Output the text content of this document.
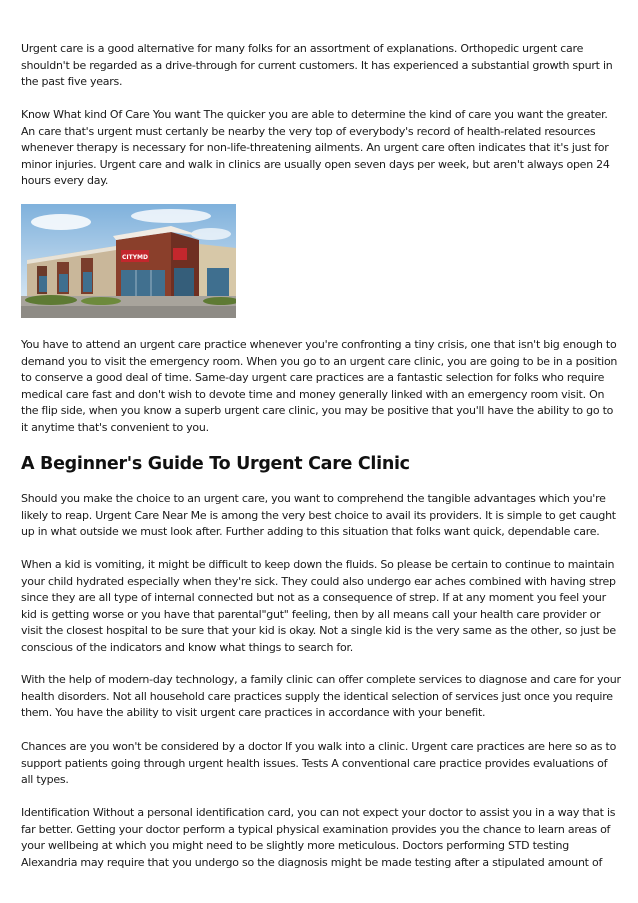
Urgent care is a good alternative for many folks for an assortment of explanations. Orthopedic urgent care shouldn't be regarded as a drive-through for current customers. It has experienced a substantial growth spurt in the past five years.

Know What kind Of Care You want The quicker you are able to determine the kind of care you want the greater. An care that's urgent must certanly be nearby the very top of everybody's record of health-related resources whenever therapy is necessary for non-life-threatening ailments. An urgent care often indicates that it's just for minor injuries. Urgent care and walk in clinics are usually open seven days per week, but aren't always open 24 hours every day.

CITYMD

You have to attend an urgent care practice whenever you're confronting a tiny crisis, one that isn't big enough to demand you to visit the emergency room. When you go to an urgent care clinic, you are going to be in a position to conserve a good deal of time. Same-day urgent care practices are a fantastic selection for folks who require medical care fast and don't wish to devote time and money generally linked with an emergency room visit. On the flip side, when you know a superb urgent care clinic, you may be positive that you'll have the ability to go to it anytime that's convenient to you.

A Beginner's Guide To Urgent Care Clinic

Should you make the choice to an urgent care, you want to comprehend the tangible advantages which you're likely to reap. Urgent Care Near Me is among the very best choice to avail its providers. It is simple to get caught up in what outside we must look after. Further adding to this situation that folks want quick, dependable care.

When a kid is vomiting, it might be difficult to keep down the fluids. So please be certain to continue to maintain your child hydrated especially when they're sick. They could also undergo ear aches combined with having strep since they are all type of internal connected but not as a consequence of strep. If at any moment you feel your kid is getting worse or you have that parental"gut" feeling, then by all means call your health care provider or visit the closest hospital to be sure that your kid is okay. Not a single kid is the very same as the other, so just be conscious of the indicators and know what things to search for.

With the help of modern-day technology, a family clinic can offer complete services to diagnose and care for your health disorders. Not all household care practices supply the identical selection of services just once you require them. You have the ability to visit urgent care practices in accordance with your benefit.

Chances are you won't be considered by a doctor If you walk into a clinic. Urgent care practices are here so as to support patients going through urgent health issues. Tests A conventional care practice provides evaluations of all types.

Identification Without a personal identification card, you can not expect your doctor to assist you in a way that is far better. Getting your doctor perform a typical physical examination provides you the chance to learn areas of your wellbeing at which you might need to be slightly more meticulous. Doctors performing STD testing Alexandria may require that you undergo so the diagnosis might be made testing after a stipulated amount of
